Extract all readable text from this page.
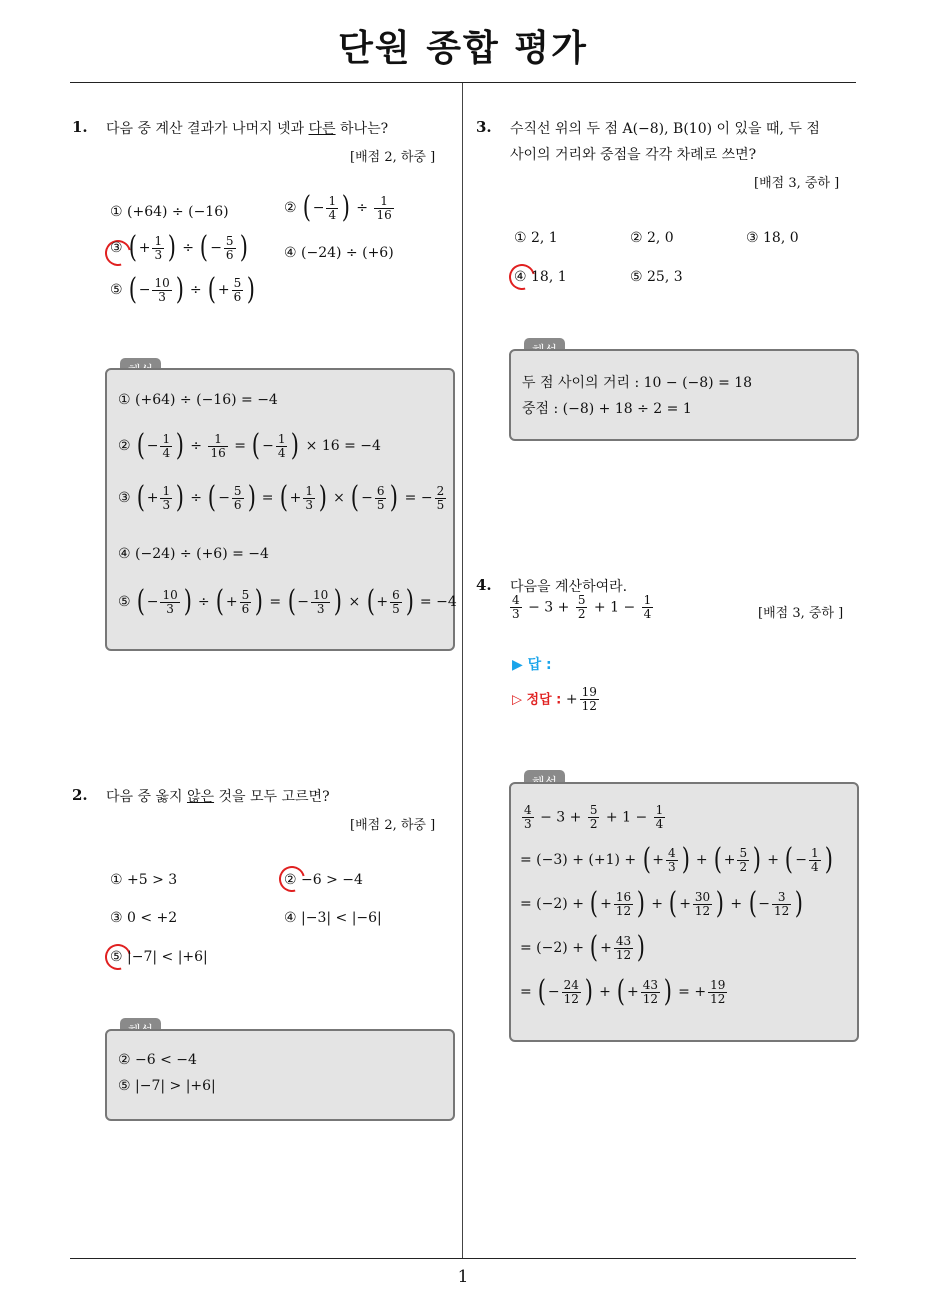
단원 종합 평가
1
1. 다음 중 계산 결과가 나머지 넷과 다른 하나는?
[배점 2, 하중 ]
① (+64) ÷ (−16)	② ( − $\frac{1}{4}$ ) ÷ $\frac{1}{16}$
③ ( + $\frac{1}{3}$ ) ÷ ( − $\frac{5}{6}$ )	④ (−24) ÷ (+6)
⑤ ( − $\frac{10}{3}$ ) ÷ ( + $\frac{5}{6}$ )
① (+64) ÷ (−16) = −4
② ( − $\frac{1}{4}$ ) ÷ $\frac{1}{16}$ = ( − $\frac{1}{4}$ ) × 16 = −4
③ ( + $\frac{1}{3}$ ) ÷ ( − $\frac{5}{6}$ ) = ( + $\frac{1}{3}$ ) × ( − $\frac{6}{5}$ ) = − $\frac{2}{5}$
④ (−24) ÷ (+6) = −4
⑤ ( − $\frac{10}{3}$ ) ÷ ( + $\frac{5}{6}$ ) = ( − $\frac{10}{3}$ ) × ( + $\frac{6}{5}$ ) = −4
2. 다음 중 옳지 않은 것을 모두 고르면?
[배점 2, 하중 ]
① +5 > 3	② −6 > −4
③ 0 < +2	④ |−3| < |−6|
⑤ |−7| < |+6|
② −6 < −4
⑤ |−7| > |+6|
3. 수직선 위의 두 점 A(−8), B(10) 이 있을 때, 두 점
사이의 거리와 중점을 각각 차례로 쓰면?
[배점 3, 중하 ]
① 2, 1	② 2, 0	③ 18, 0
④ 18, 1	⑤ 25, 3
두 점 사이의 거리 : 10 − (−8) = 18
중점 : (−8) + 18 ÷ 2 = 1
4. 다음을 계산하여라.
$\frac{4}{3} - 3 + \frac{5}{2} + 1 - \frac{1}{4}$	[배점 3, 중하 ]
▶ 답 :
▷ 정답 : + $\frac{19}{12}$
$\frac{4}{3} - 3 + \frac{5}{2} + 1 - \frac{1}{4}$
= (−3) + (+1) + ( + $\frac{4}{3}$ ) + ( + $\frac{5}{2}$ ) + ( − $\frac{1}{4}$ )
= (−2) + ( + $\frac{16}{12}$ ) + ( + $\frac{30}{12}$ ) + ( − $\frac{3}{12}$ )
= (−2) + ( + $\frac{43}{12}$ )
= ( − $\frac{24}{12}$ ) + ( + $\frac{43}{12}$ ) = + $\frac{19}{12}$
